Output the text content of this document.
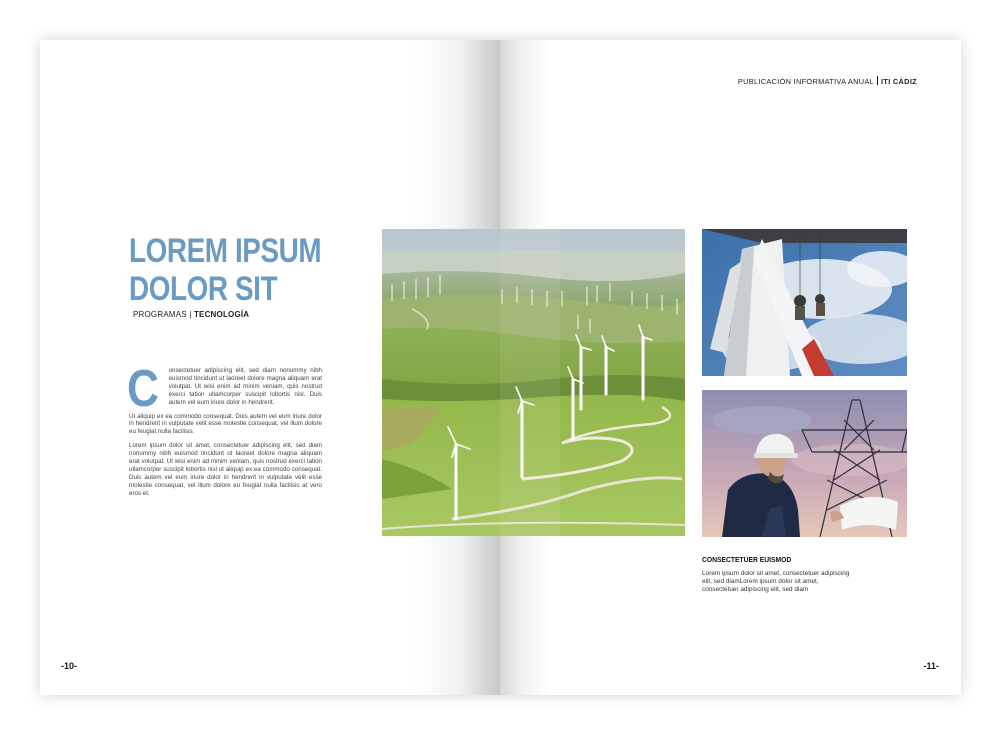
LOREM IPSUM
DOLOR SIT

PROGRAMAS | TECNOLOGÍA

C onsectetuer adipiscing elit, sed diam nonummy nibh euismod tincidunt ut laoreet dolore magna aliquam erat volutpat. Ut wisi enim ad minim veniam, quis nostrud exerci tation ullamcorper suscipit lobortis nisl. Duis autem vel eum iriure dolor in hendrerit.

Ut aliquip ex ea commodo consequat. Duis autem vel eum iriure dolor in hendrerit in vulputate velit esse molestie consequat, vel illum dolore eu feugiat nulla facilisis.

Lorem ipsum dolor sit amet, consectetuer adipiscing elit, sed diam nonummy nibh euismod tincidunt ut laoreet dolore magna aliquam erat volutpat. Ut wisi enim ad minim veniam, quis nostrud exerci tation ullamcorper suscipit lobortis nisl ut aliquip ex ea commodo consequat. Duis autem vel eum iriure dolor in hendrerit in vulputate velit esse molestie consequat, vel illum dolore eu feugiat nulla facilisis at vero eros et.

-10-

PUBLICACIÓN INFORMATIVA ANUAL ITI CÁDIZ

-11-

CONSECTETUER EUISMOD

Lorem ipsum dolor sit amet, consectetuer adipiscing elit, sed diamLorem ipsum dolor sit amet, consectetuer adipiscing elit, sed diam
